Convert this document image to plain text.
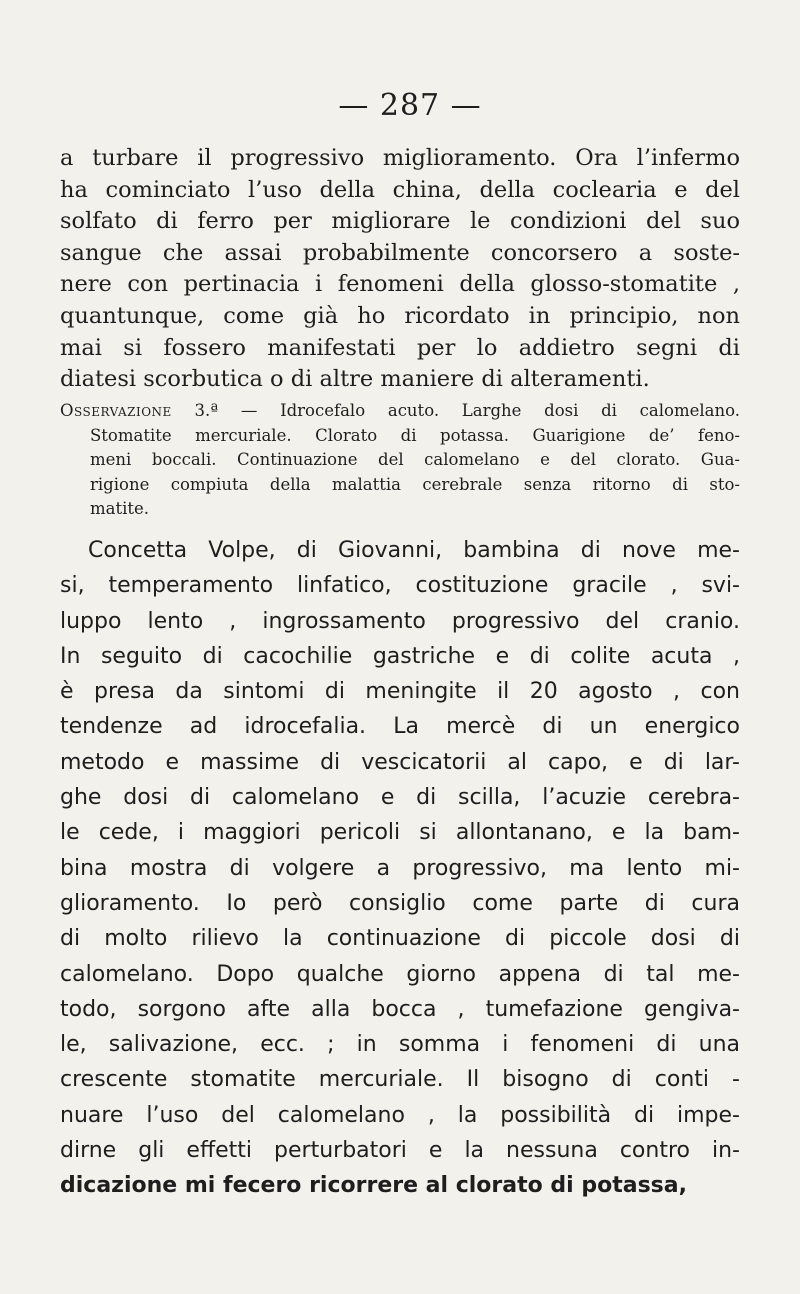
— 287 —

a turbare il progressivo miglioramento. Ora l’infermo
ha cominciato l’uso della china, della coclearia e del
solfato di ferro per migliorare le condizioni del suo
sangue che assai probabilmente concorsero a soste-
nere con pertinacia i fenomeni della glosso-stomatite ,
quantunque, come già ho ricordato in principio, non
mai si fossero manifestati per lo addietro segni di
diatesi scorbutica o di altre maniere di alteramenti.

Osservazione 3.ª — Idrocefalo acuto. Larghe dosi di calomelano.
Stomatite mercuriale. Clorato di potassa. Guarigione de’ feno-
meni boccali. Continuazione del calomelano e del clorato. Gua-
rigione compiuta della malattia cerebrale senza ritorno di sto-
matite.

Concetta Volpe, di Giovanni, bambina di nove me-
si, temperamento linfatico, costituzione gracile , svi-
luppo lento , ingrossamento progressivo del cranio.
In seguito di cacochilie gastriche e di colite acuta ,
è presa da sintomi di meningite il 20 agosto , con
tendenze ad idrocefalia. La mercè di un energico
metodo e massime di vescicatorii al capo, e di lar-
ghe dosi di calomelano e di scilla, l’acuzie cerebra-
le cede, i maggiori pericoli si allontanano, e la bam-
bina mostra di volgere a progressivo, ma lento mi-
glioramento. Io però consiglio come parte di cura
di molto rilievo la continuazione di piccole dosi di
calomelano. Dopo qualche giorno appena di tal me-
todo, sorgono afte alla bocca , tumefazione gengiva-
le, salivazione, ecc. ; in somma i fenomeni di una
crescente stomatite mercuriale. Il bisogno di conti -
nuare l’uso del calomelano , la possibilità di impe-
dirne gli effetti perturbatori e la nessuna contro in-
dicazione mi fecero ricorrere al clorato di potassa,
